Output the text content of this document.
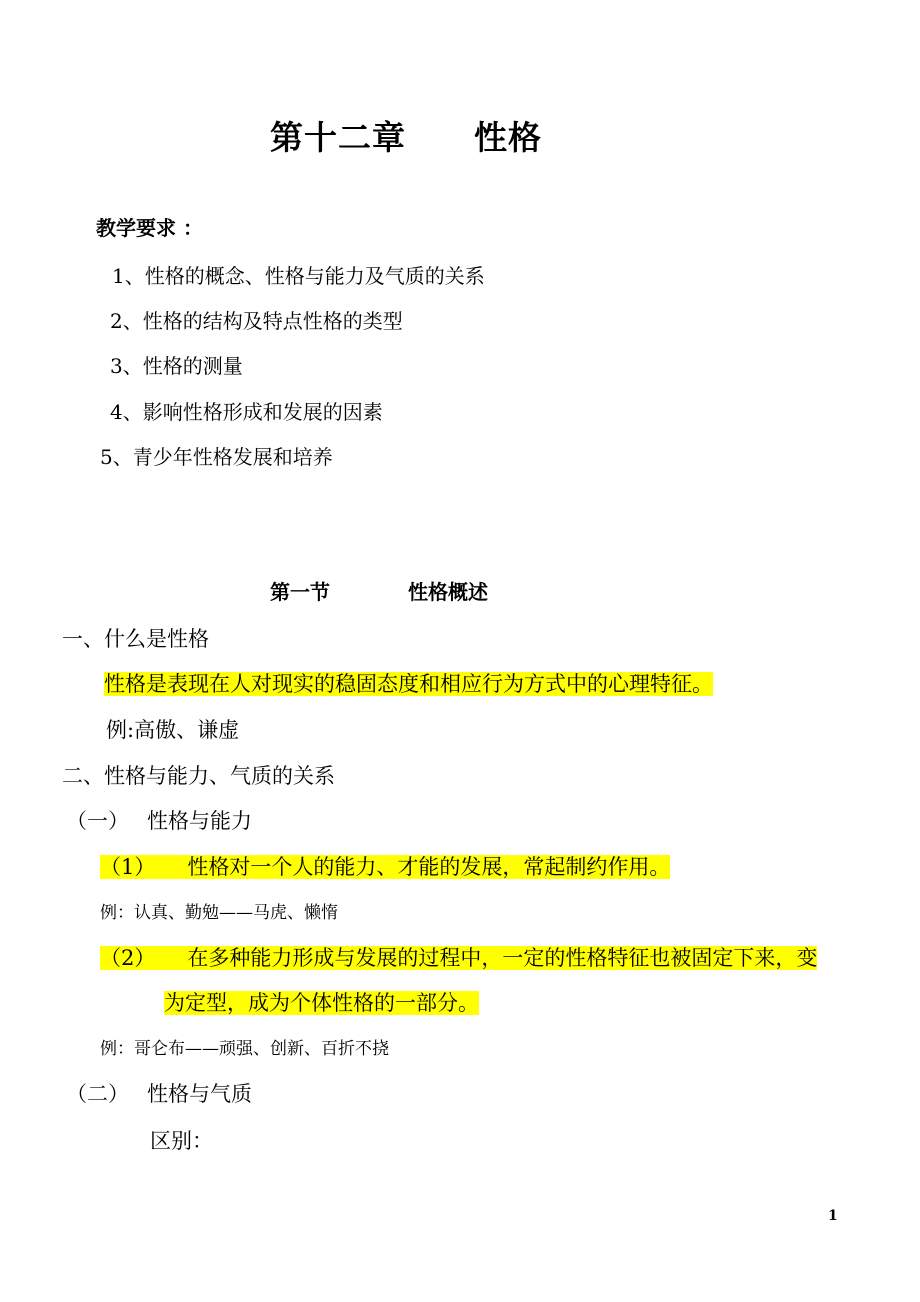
第十二章 性格
教学要求 ：
1、性格的概念、性格与能力及气质的关系
2、性格的结构及特点性格的类型
3、性格的测量
4、影响性格形成和发展的因素
5、青少年性格发展和培养
第一节	性格概述
一、什么是性格
性格是表现在人对现实的稳固态度和相应行为方式中的心理特征。
例:高傲、谦虚
二、性格与能力、气质的关系
（一） 性格与能力
（1） 性格对一个人的能力、才能的发展，常起制约作用。
例：认真、勤勉——马虎、懒惰
（2） 在多种能力形成与发展的过程中，一定的性格特征也被固定下来，变
为定型，成为个体性格的一部分。
例：哥仑布——顽强、创新、百折不挠
（二） 性格与气质
区别：
1
